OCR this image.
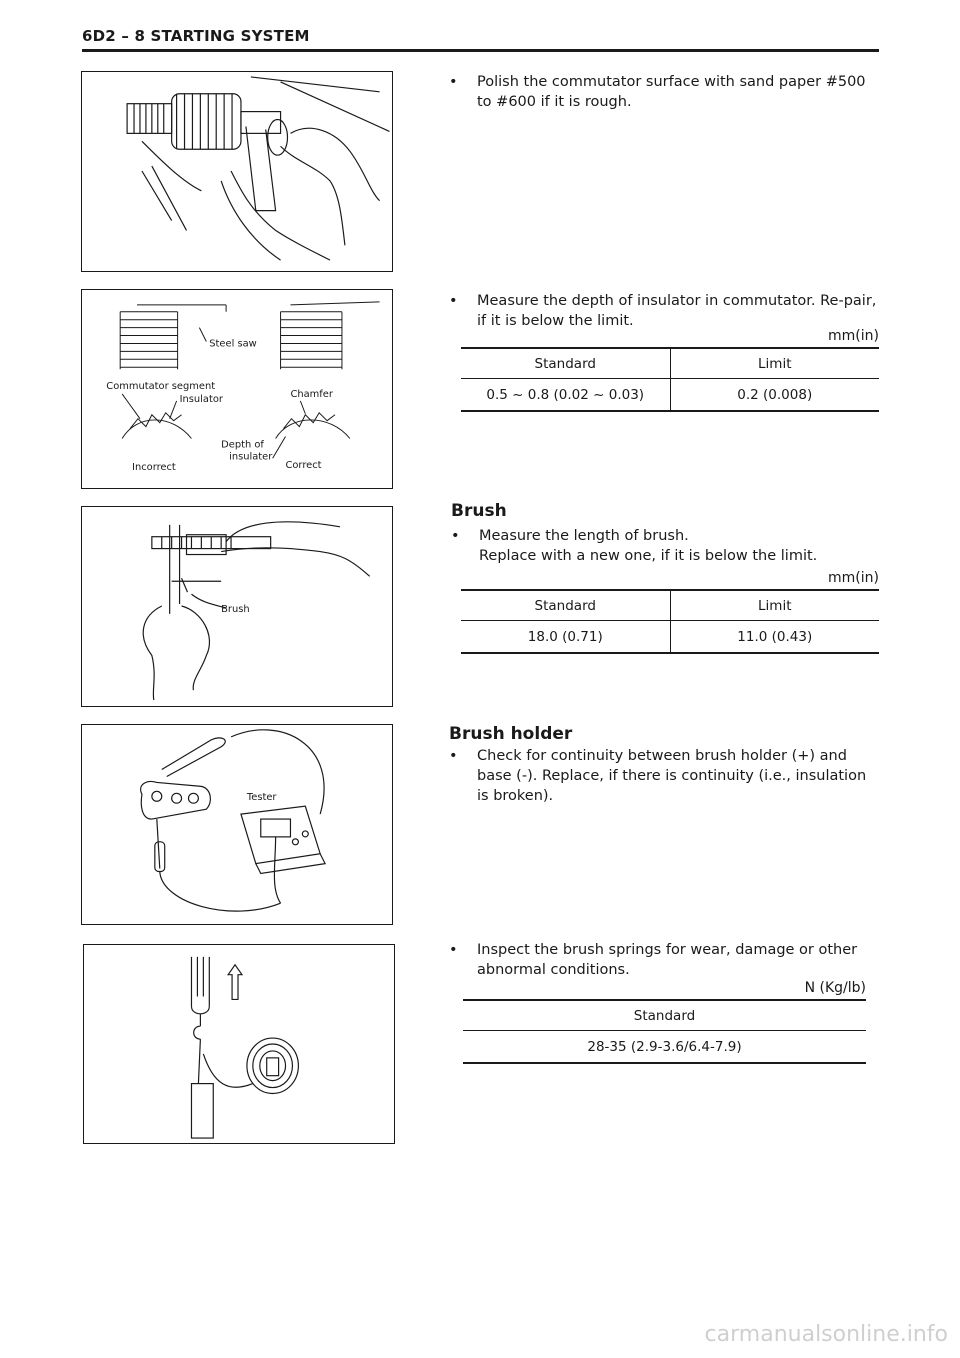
6D2 – 8 STARTING SYSTEM
• Polish the commutator surface with sand paper #500 to #600 if it is rough.
Steel saw
Commutator segment
Insulator	Chamfer
Depth of
insulater
Incorrect	Correct
• Measure the depth of insulator in commutator. Re-pair, if it is below the limit.
mm(in)
Standard	Limit
0.5 ~ 0.8 (0.02 ~ 0.03)	0.2 (0.008)
Brush
Brush
• Measure the length of brush.
Replace with a new one, if it is below the limit.
mm(in)
Standard	Limit
18.0 (0.71)	11.0 (0.43)
Tester
Brush holder
• Check for continuity between brush holder (+) and base (-). Replace, if there is continuity (i.e., insulation is broken).
• Inspect the brush springs for wear, damage or other abnormal conditions.
N (Kg/lb)
Standard
28-35 (2.9-3.6/6.4-7.9)
carmanualsonline.info
